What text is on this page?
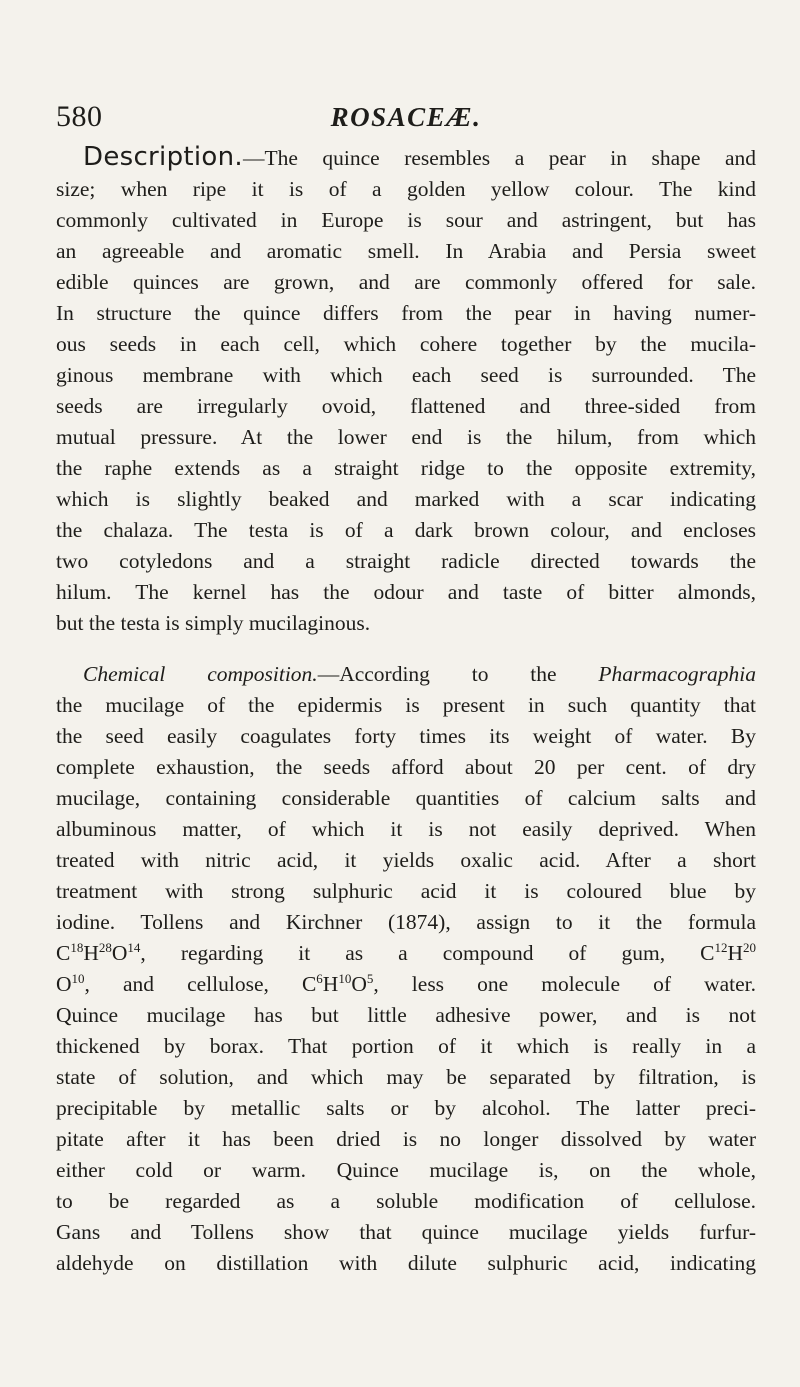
580	ROSACEÆ.

Description.—The quince resembles a pear in shape and
size; when ripe it is of a golden yellow colour. The kind
commonly cultivated in Europe is sour and astringent, but has
an agreeable and aromatic smell. In Arabia and Persia sweet
edible quinces are grown, and are commonly offered for sale.
In structure the quince differs from the pear in having numer-
ous seeds in each cell, which cohere together by the mucila-
ginous membrane with which each seed is surrounded. The
seeds are irregularly ovoid, flattened and three-sided from
mutual pressure. At the lower end is the hilum, from which
the raphe extends as a straight ridge to the opposite extremity,
which is slightly beaked and marked with a scar indicating
the chalaza. The testa is of a dark brown colour, and encloses
two cotyledons and a straight radicle directed towards the
hilum. The kernel has the odour and taste of bitter almonds,
but the testa is simply mucilaginous.

Chemical composition.—According to the Pharmacographia
the mucilage of the epidermis is present in such quantity that
the seed easily coagulates forty times its weight of water. By
complete exhaustion, the seeds afford about 20 per cent. of dry
mucilage, containing considerable quantities of calcium salts and
albuminous matter, of which it is not easily deprived. When
treated with nitric acid, it yields oxalic acid. After a short
treatment with strong sulphuric acid it is coloured blue by
iodine. Tollens and Kirchner (1874), assign to it the formula
$C^{18}H^{28}O^{14}$, regarding it as a compound of gum, $C^{12}H^{20}$
$O^{10}$, and cellulose, $C^6H^{10}O^5$, less one molecule of water.
Quince mucilage has but little adhesive power, and is not
thickened by borax. That portion of it which is really in a
state of solution, and which may be separated by filtration, is
precipitable by metallic salts or by alcohol. The latter preci-
pitate after it has been dried is no longer dissolved by water
either cold or warm. Quince mucilage is, on the whole,
to be regarded as a soluble modification of cellulose.
Gans and Tollens show that quince mucilage yields furfur-
aldehyde on distillation with dilute sulphuric acid, indicating
